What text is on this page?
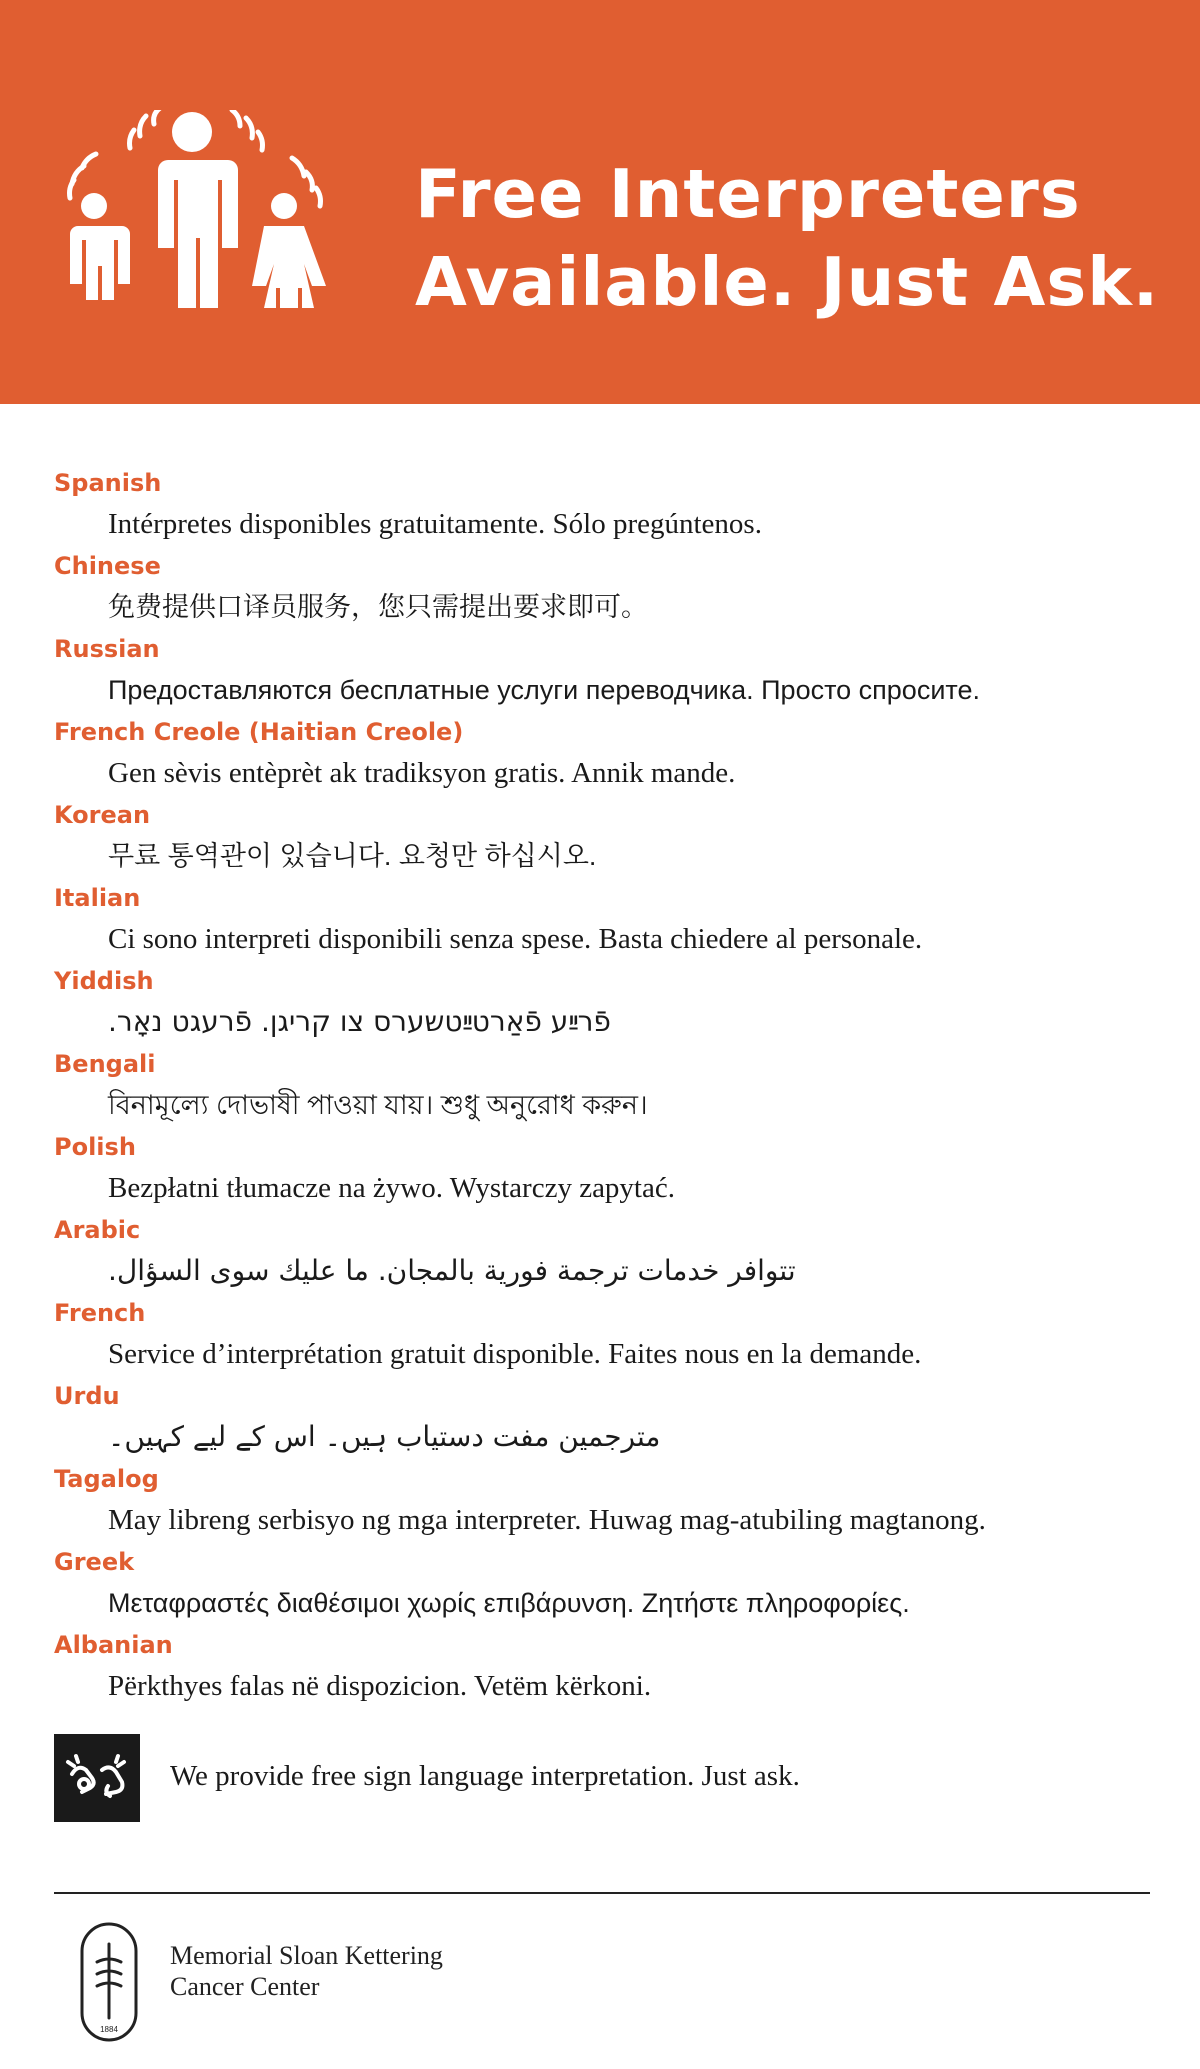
Free Interpreters
Available. Just Ask.
Spanish
Intérpretes disponibles gratuitamente. Sólo pregúntenos.
Chinese
免费提供口译员服务，您只需提出要求即可。
Russian
Предоставляются бесплатные услуги переводчика. Просто спросите.
French Creole (Haitian Creole)
Gen sèvis entèprèt ak tradiksyon gratis. Annik mande.
Korean
무료 통역관이 있습니다. 요청만 하십시오.
Italian
Ci sono interpreti disponibili senza spese. Basta chiedere al personale.
Yiddish
פֿרײַע פֿאַרטײַטשערס צו קריגן. פֿרעגט נאָר.
Bengali
বিনামূল্যে দোভাষী পাওয়া যায়। শুধু অনুরোধ করুন।
Polish
Bezpłatni tłumacze na żywo. Wystarczy zapytać.
Arabic
تتوافر خدمات ترجمة فورية بالمجان. ما عليك سوى السؤال.
French
Service d’interprétation gratuit disponible. Faites nous en la demande.
Urdu
مترجمین مفت دستیاب ہیں۔ اس کے لیے کہیں۔
Tagalog
May libreng serbisyo ng mga interpreter. Huwag mag-atubiling magtanong.
Greek
Μεταφραστές διαθέσιμοι χωρίς επιβάρυνση. Ζητήστε πληροφορίες.
Albanian
Përkthyes falas në dispozicion. Vetëm kërkoni.
We provide free sign language interpretation. Just ask.
1884
Memorial Sloan Kettering
Cancer Center
